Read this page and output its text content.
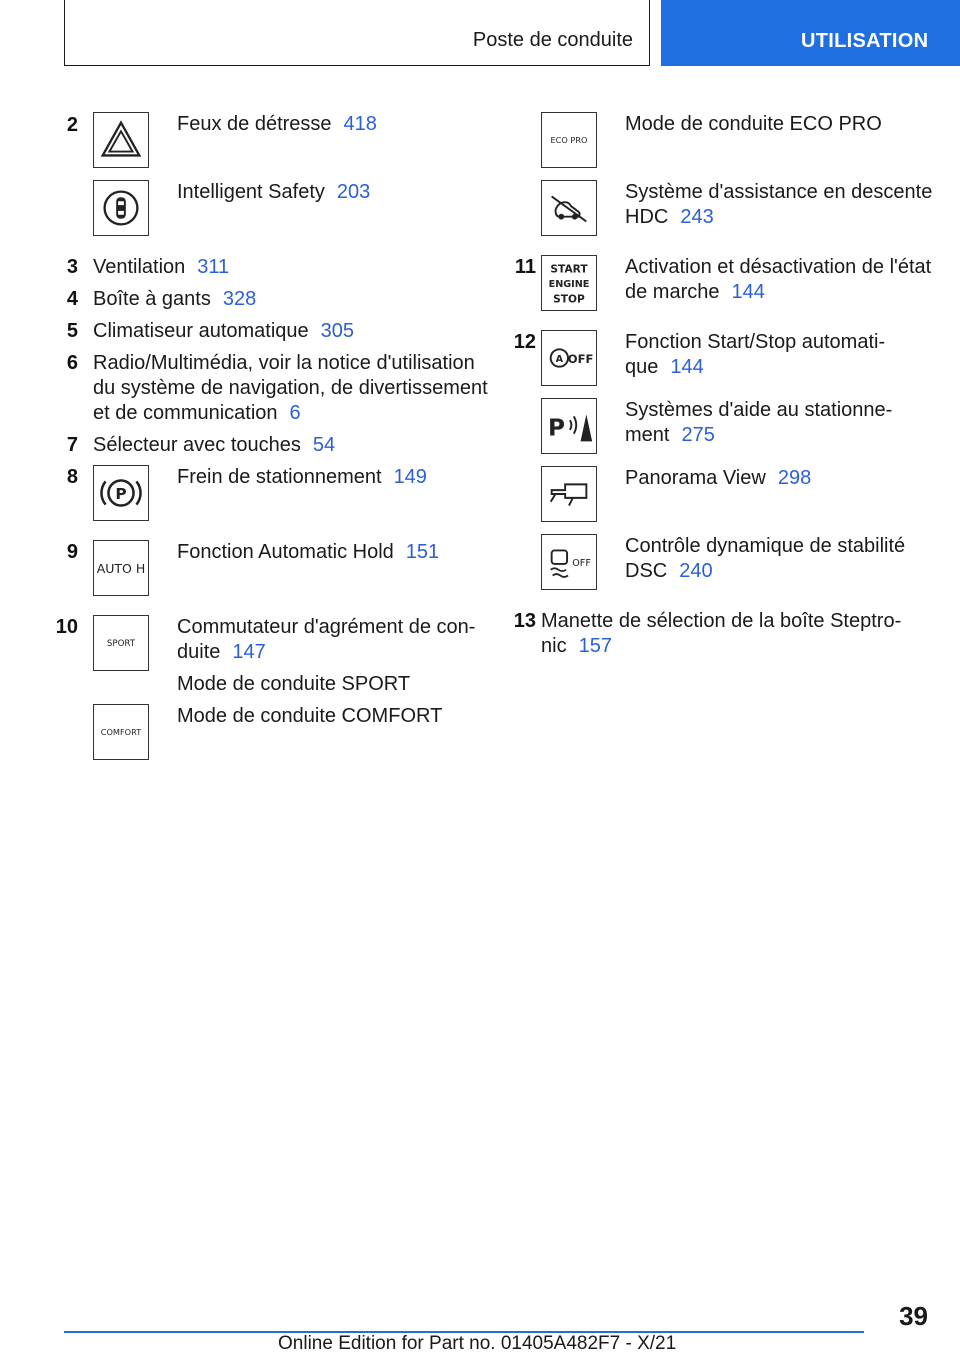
Poste de conduite	UTILISATION
2	Feux de détresse 418
Intelligent Safety 203
3 Ventilation 311
4 Boîte à gants 328
5 Climatiseur automatique 305
6 Radio/Multimédia, voir la notice d'utilisation
du système de navigation, de divertissement
et de communication 6
7 Sélecteur avec touches 54
8
P
Frein de stationnement 149
9
AUTO H
Fonction Automatic Hold 151
10
SPORT
Commutateur d'agrément de con-
duite 147
Mode de conduite SPORT
COMFORT
Mode de conduite COMFORT
ECO PRO
Mode de conduite ECO PRO
Système d'assistance en descente
HDC 243
11 START
ENGINE
STOP
Activation et désactivation de l'état
de marche 144
12
A OFF
Fonction Start/Stop automati-
que 144
P
Systèmes d'aide au stationne-
ment 275
Panorama View 298
OFF
Contrôle dynamique de stabilité
DSC 240
13 Manette de sélection de la boîte Steptro-
nic 157
39
Online Edition for Part no. 01405A482F7 - X/21
